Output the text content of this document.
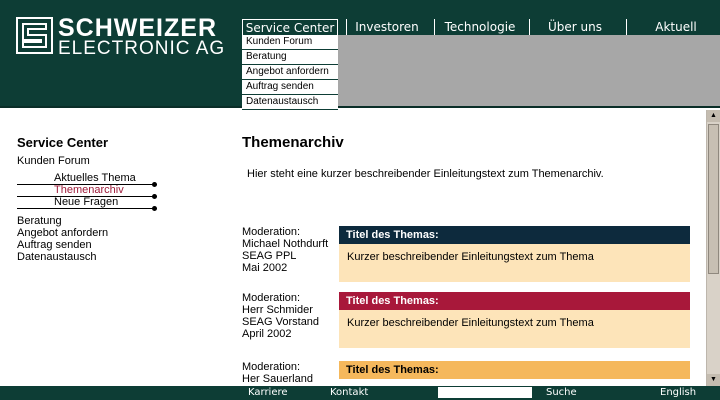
SCHWEIZER
ELECTRONIC AG
Service Center	Investoren	Technologie	Über uns	Aktuell
Kunden Forum
Beratung
Angebot anfordern
Auftrag senden
Datenaustausch
Service Center
Kunden Forum
Aktuelles Thema
Themenarchiv
Neue Fragen
Beratung
Angebot anfordern
Auftrag senden
Datenaustausch
Themenarchiv
Hier steht eine kurzer beschreibender Einleitungstext zum Themenarchiv.
Moderation:
Michael Nothdurft
SEAG PPL
Mai 2002
Titel des Themas:
Kurzer beschreibender Einleitungstext zum Thema
Moderation:
Herr Schmider
SEAG Vorstand
April 2002
Titel des Themas:
Kurzer beschreibender Einleitungstext zum Thema
Moderation:
Her Sauerland
Titel des Themas:
▲
▼
Karriere	Kontakt	Suche	English
